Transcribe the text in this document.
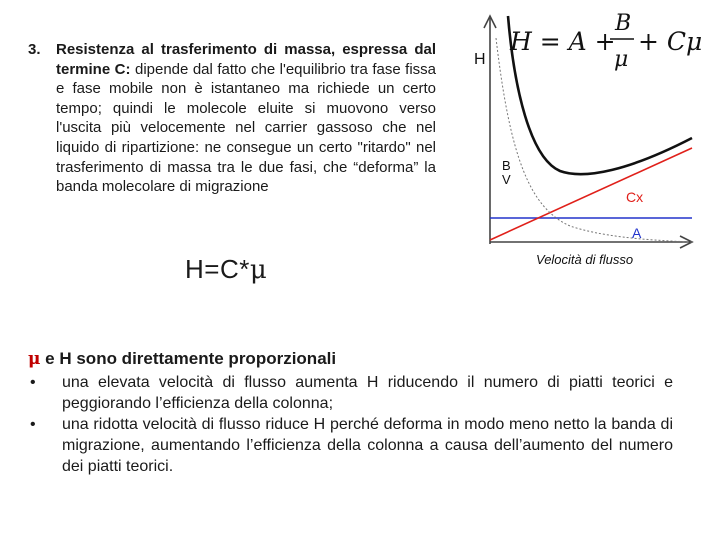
3. Resistenza al trasferimento di massa, espressa dal termine C: dipende dal fatto che l'equilibrio tra fase fissa e fase mobile non è istantaneo ma richiede un certo tempo; quindi le molecole eluite si muovono verso l'uscita più velocemente nel carrier gassoso che nel liquido di ripartizione: ne consegue un certo "ritardo" nel trasferimento di massa tra le due fasi, che “deforma” la banda molecolare di migrazione
H=C*μ
H = A +
B
μ
+ Cμ
H
B
V
Cx
A
Velocità di flusso
μ e H sono direttamente proporzionali
• una elevata velocità di flusso aumenta H riducendo il numero di piatti teorici e peggiorando l’efficienza della colonna;
• una ridotta velocità di flusso riduce H perché deforma in modo meno netto la banda di migrazione, aumentando l’efficienza della colonna a causa dell’aumento del numero dei piatti teorici.
